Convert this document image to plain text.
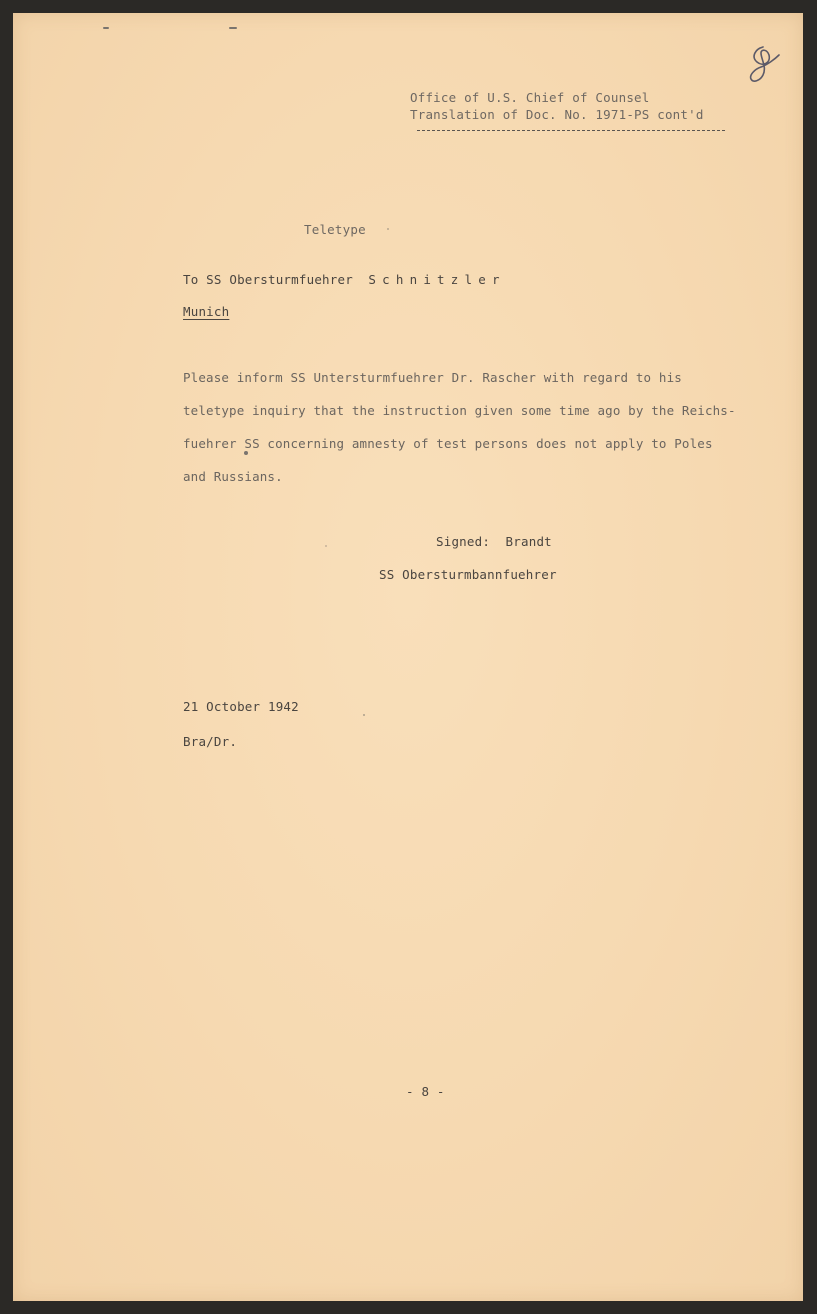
Office of U.S. Chief of Counsel

Translation of Doc. No. 1971-PS cont'd

Teletype

To SS Obersturmfuehrer Schnitzler

Munich

Please inform SS Untersturmfuehrer Dr. Rascher with regard to his
teletype inquiry that the instruction given some time ago by the Reichs-
fuehrer SS concerning amnesty of test persons does not apply to Poles
and Russians.

Signed: Brandt

SS Obersturmbannfuehrer

21 October 1942

Bra/Dr.

- 8 -
